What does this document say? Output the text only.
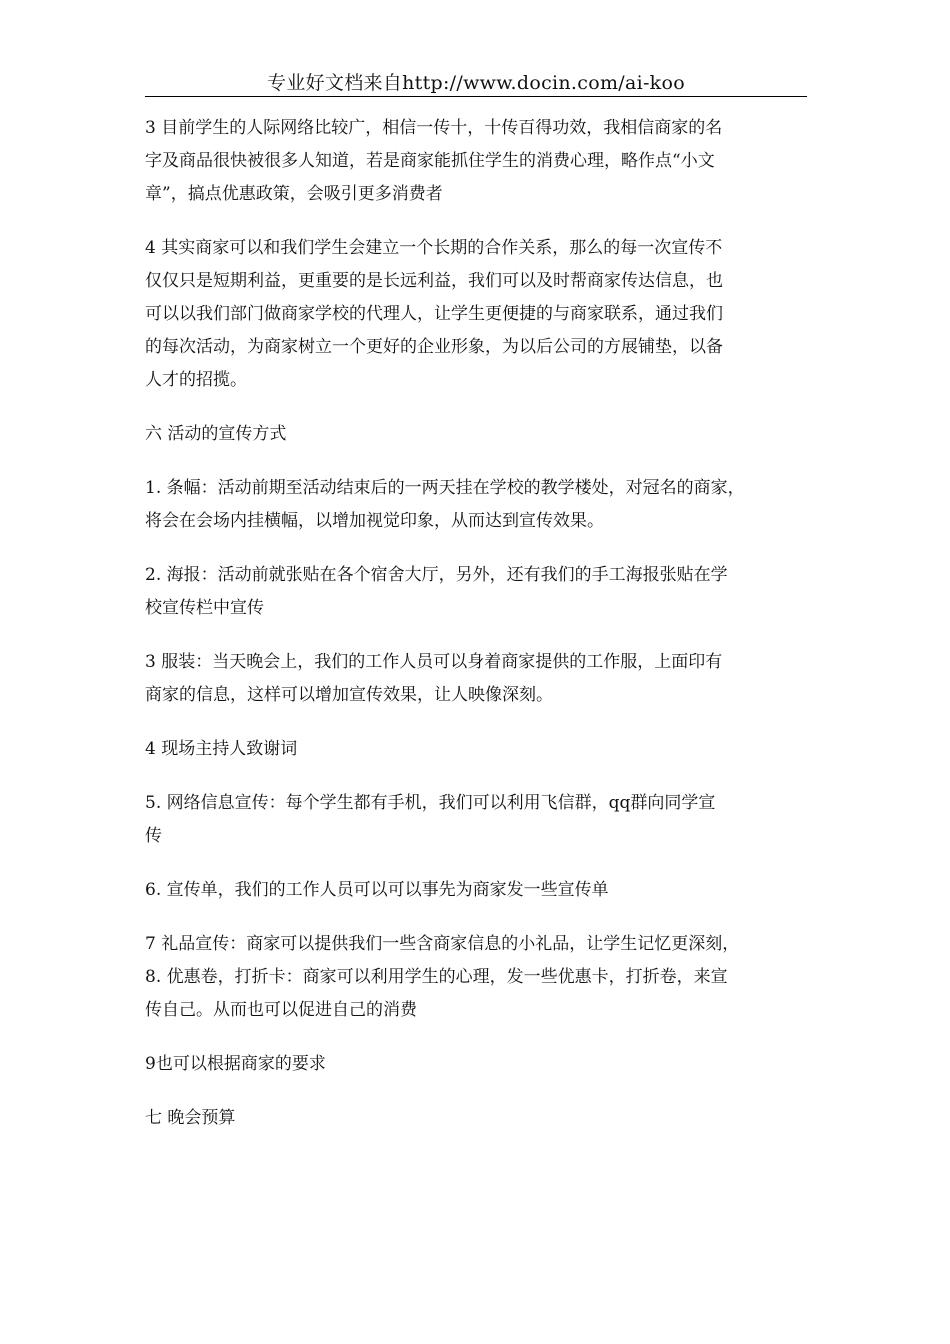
专业好文档来自http://www.docin.com/ai-koo
3 目前学生的人际网络比较广，相信一传十，十传百得功效，我相信商家的名
字及商品很快被很多人知道，若是商家能抓住学生的消费心理，略作点“小文
章”，搞点优惠政策，会吸引更多消费者
4 其实商家可以和我们学生会建立一个长期的合作关系，那么的每一次宣传不
仅仅只是短期利益，更重要的是长远利益，我们可以及时帮商家传达信息，也
可以以我们部门做商家学校的代理人，让学生更便捷的与商家联系，通过我们
的每次活动，为商家树立一个更好的企业形象，为以后公司的方展铺垫，以备
人才的招揽。
六 活动的宣传方式
1. 条幅：活动前期至活动结束后的一两天挂在学校的教学楼处，对冠名的商家，
将会在会场内挂横幅，以增加视觉印象，从而达到宣传效果。
2. 海报：活动前就张贴在各个宿舍大厅，另外，还有我们的手工海报张贴在学
校宣传栏中宣传
3 服装：当天晚会上，我们的工作人员可以身着商家提供的工作服，上面印有
商家的信息，这样可以增加宣传效果，让人映像深刻。
4 现场主持人致谢词
5. 网络信息宣传：每个学生都有手机，我们可以利用飞信群，qq群向同学宣
传
6. 宣传单，我们的工作人员可以可以事先为商家发一些宣传单
7 礼品宣传：商家可以提供我们一些含商家信息的小礼品，让学生记忆更深刻，
8. 优惠卷，打折卡：商家可以利用学生的心理，发一些优惠卡，打折卷，来宣
传自己。从而也可以促进自己的消费
9也可以根据商家的要求
七 晚会预算
